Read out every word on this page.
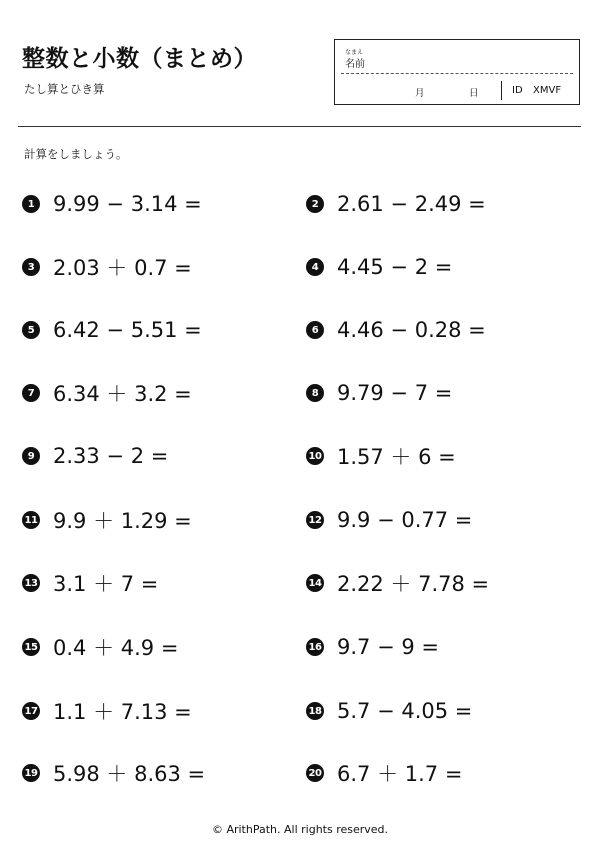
整数と小数（まとめ）
たし算とひき算
なまえ
名前
月	日	ID XMVF
計算をしましょう。
1 9.99 − 3.14 =	2 2.61 − 2.49 =
3 2.03 ＋ 0.7 =	4 4.45 − 2 =
5 6.42 − 5.51 =	6 4.46 − 0.28 =
7 6.34 ＋ 3.2 =	8 9.79 − 7 =
9 2.33 − 2 =	10 1.57 ＋ 6 =
11 9.9 ＋ 1.29 =	12 9.9 − 0.77 =
13 3.1 ＋ 7 =	14 2.22 ＋ 7.78 =
15 0.4 ＋ 4.9 =	16 9.7 − 9 =
17 1.1 ＋ 7.13 =	18 5.7 − 4.05 =
19 5.98 ＋ 8.63 =	20 6.7 ＋ 1.7 =
© ArithPath. All rights reserved.
